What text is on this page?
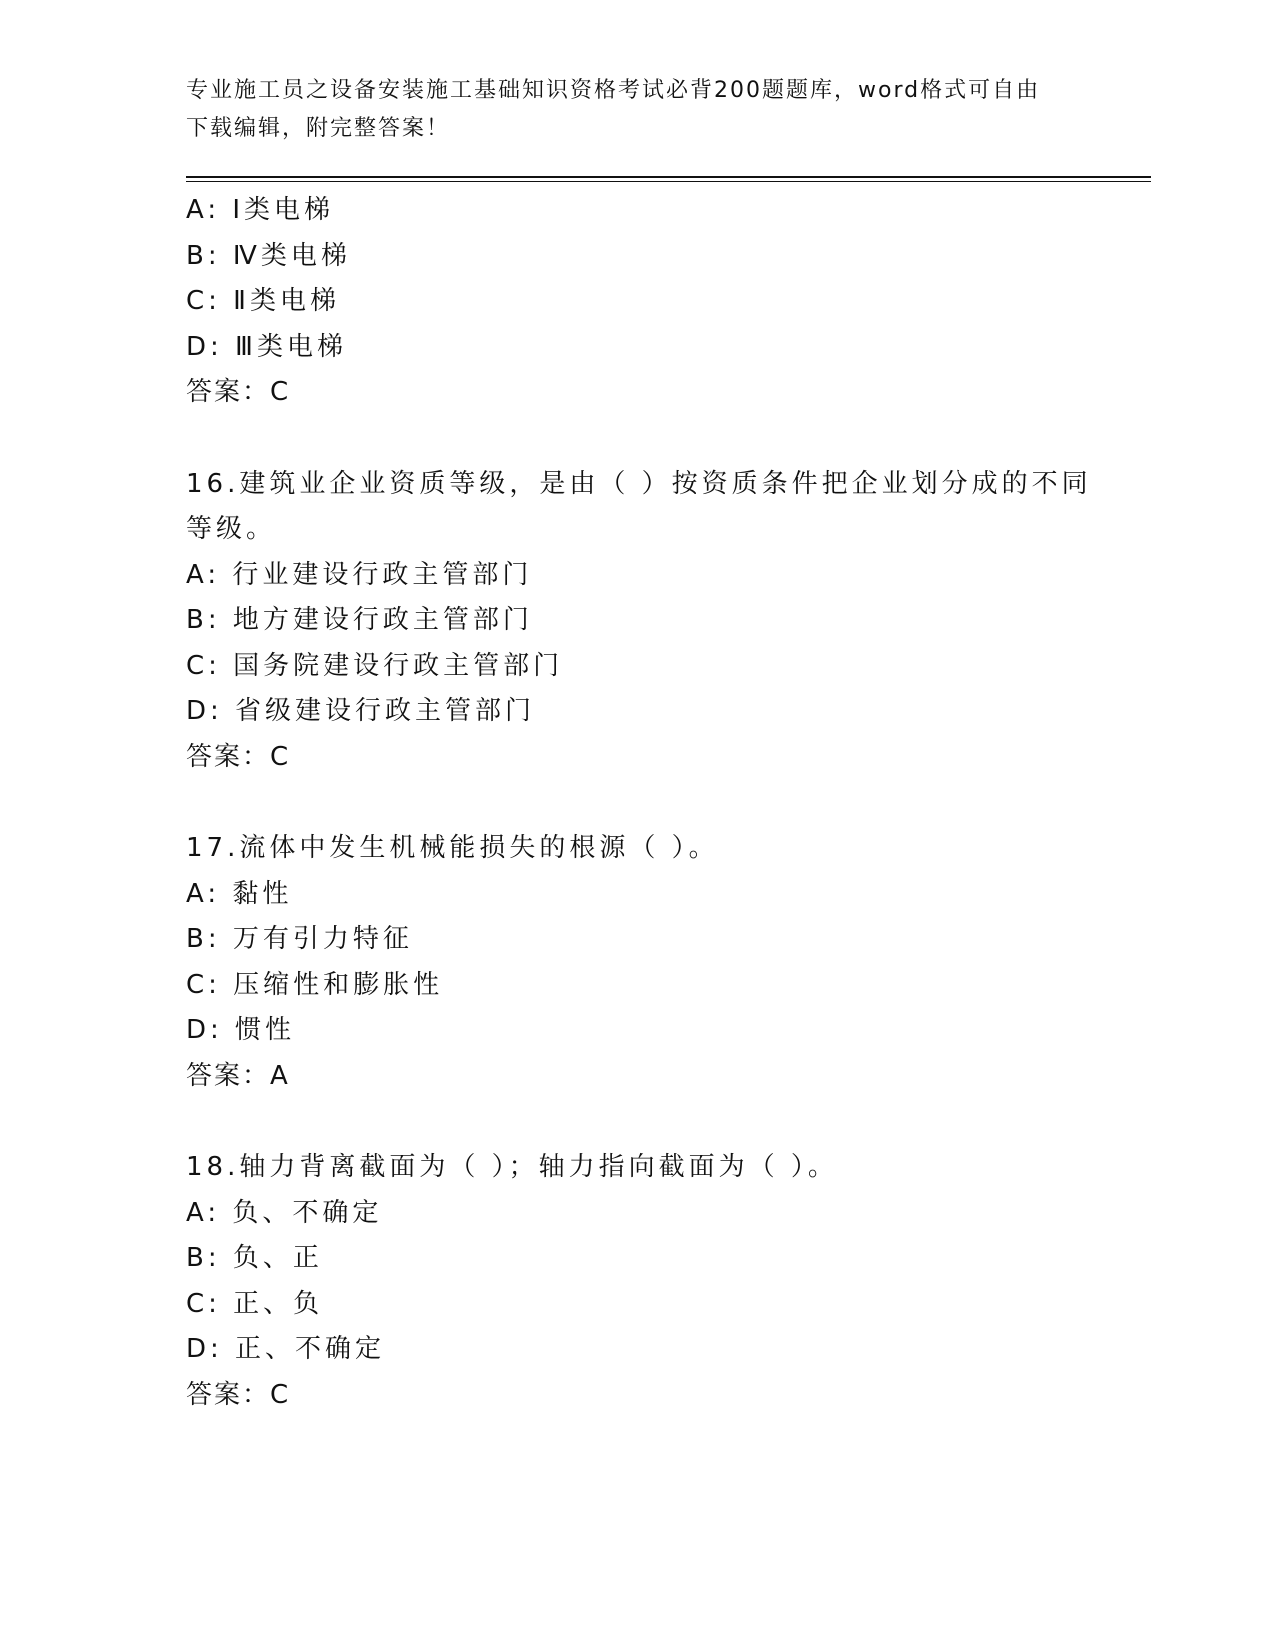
专业施工员之设备安装施工基础知识资格考试必背200题题库，word格式可自由
下载编辑，附完整答案！
A: Ⅰ类电梯
B: Ⅳ类电梯
C: Ⅱ类电梯
D: Ⅲ类电梯
答案：C
16.建筑业企业资质等级，是由（ ）按资质条件把企业划分成的不同
等级。
A: 行业建设行政主管部门
B: 地方建设行政主管部门
C: 国务院建设行政主管部门
D: 省级建设行政主管部门
答案：C
17.流体中发生机械能损失的根源（ ）。
A: 黏性
B: 万有引力特征
C: 压缩性和膨胀性
D: 惯性
答案：A
18.轴力背离截面为（ ）；轴力指向截面为（ ）。
A: 负、不确定
B: 负、正
C: 正、负
D: 正、不确定
答案：C
